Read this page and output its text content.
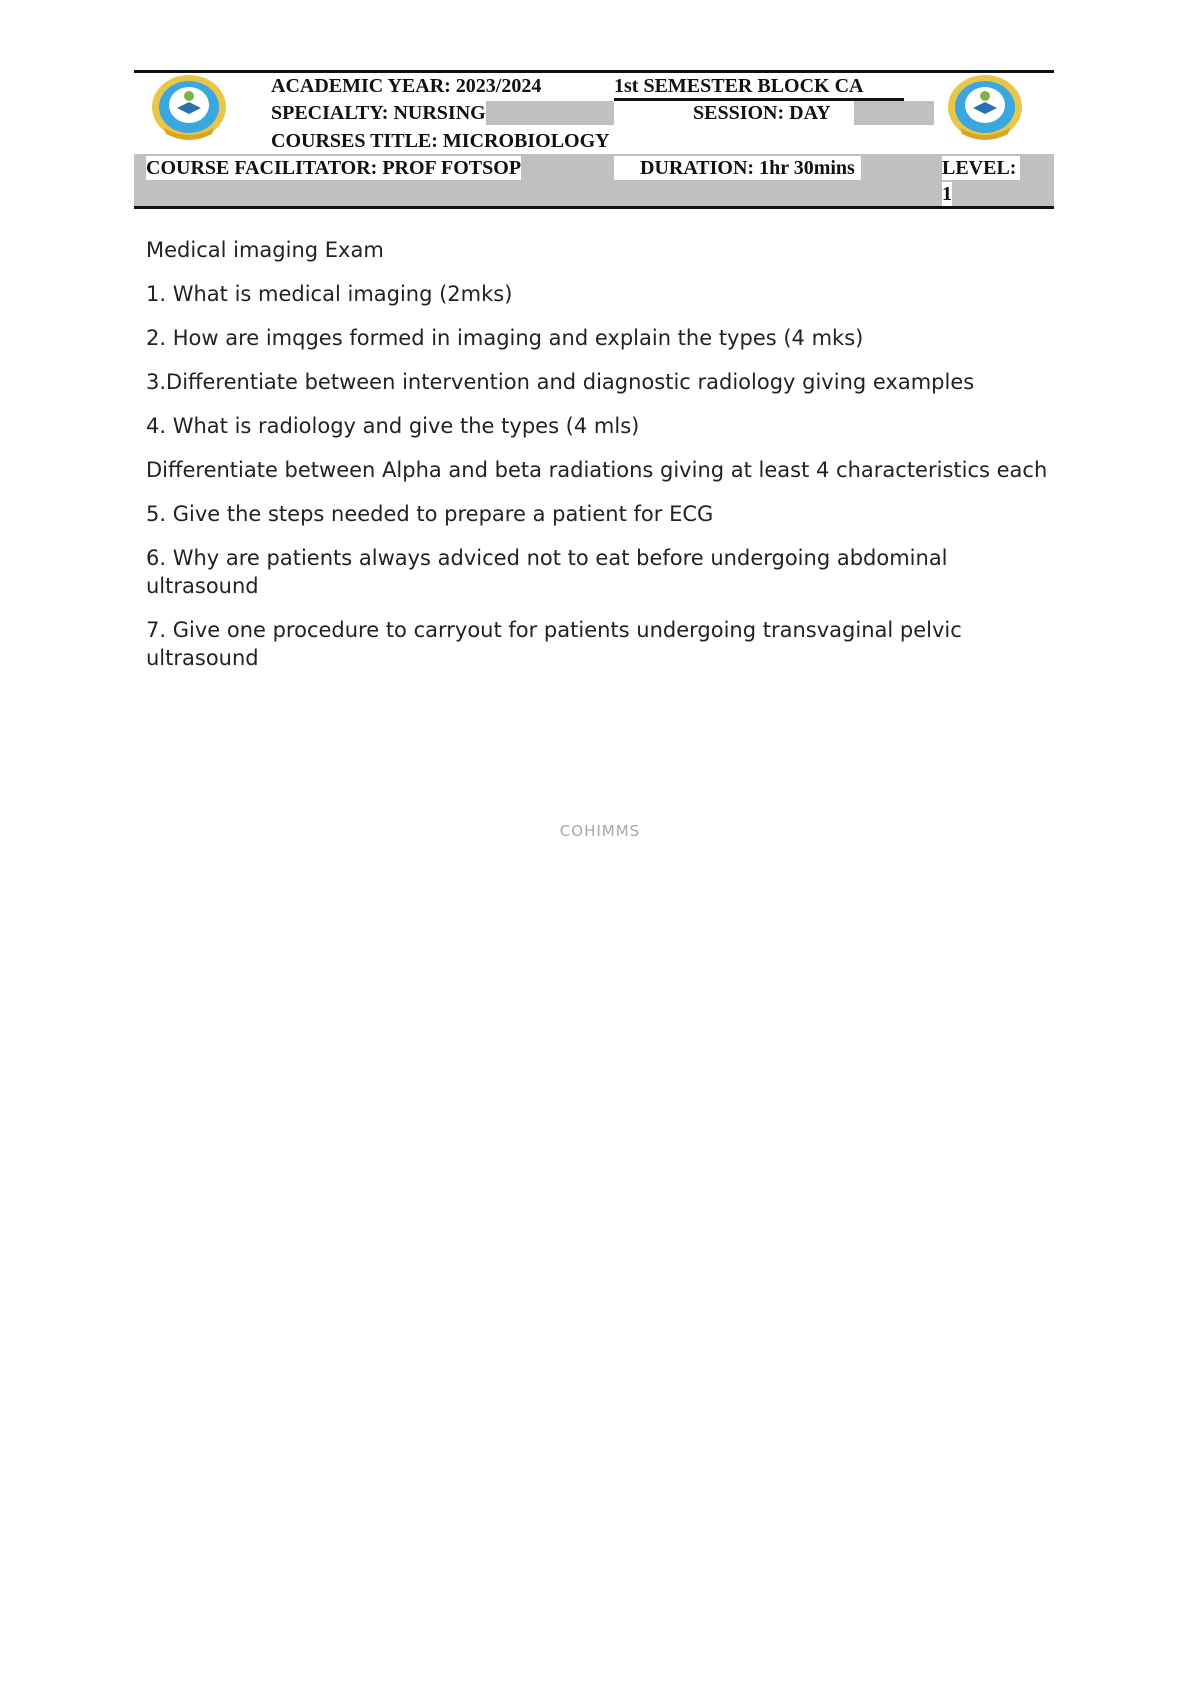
ACADEMIC YEAR: 2023/2024	1st SEMESTER BLOCK CA
SPECIALTY: NURSING	SESSION: DAY
COURSES TITLE: MICROBIOLOGY
COURSE FACILITATOR: PROF FOTSOP	DURATION: 1hr 30mins	LEVEL:
1

Medical imaging Exam

1. What is medical imaging (2mks)

2. How are imqges formed in imaging and explain the types (4 mks)

3.Differentiate between intervention and diagnostic radiology giving examples

4. What is radiology and give the types (4 mls)

Differentiate between Alpha and beta radiations giving at least 4 characteristics each

5. Give the steps needed to prepare a patient for ECG

6. Why are patients always adviced not to eat before undergoing abdominal ultrasound

7. Give one procedure to carryout for patients undergoing transvaginal pelvic ultrasound

COHIMMS
